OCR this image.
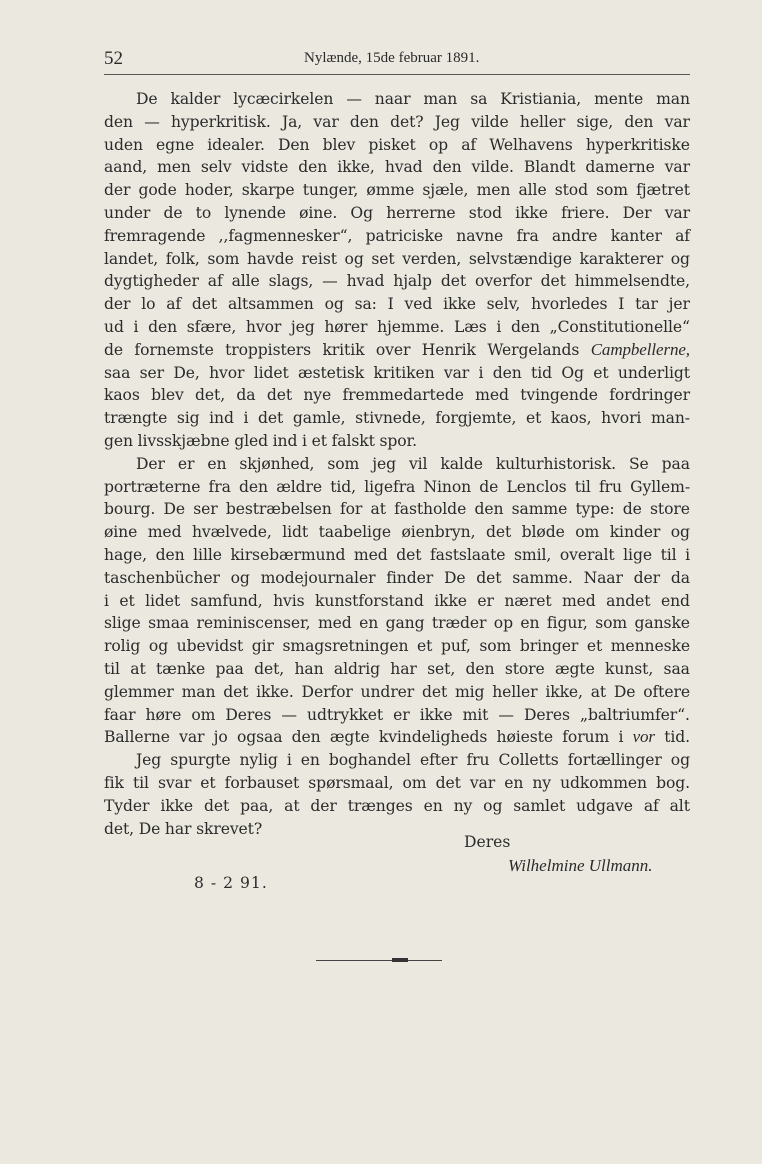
52	Nylænde, 15de februar 1891.
De kalder lycæcirkelen — naar man sa Kristiania, mente man
den — hyperkritisk. Ja, var den det? Jeg vilde heller sige, den var
uden egne idealer. Den blev pisket op af Welhavens hyperkritiske
aand, men selv vidste den ikke, hvad den vilde. Blandt damerne var
der gode hoder, skarpe tunger, ømme sjæle, men alle stod som fjætret
under de to lynende øine. Og herrerne stod ikke friere. Der var
fremragende ,,fagmennesker“, patriciske navne fra andre kanter af
landet, folk, som havde reist og set verden, selvstændige karakterer og
dygtigheder af alle slags, — hvad hjalp det overfor det himmelsendte,
der lo af det altsammen og sa: I ved ikke selv, hvorledes I tar jer
ud i den sfære, hvor jeg hører hjemme. Læs i den „Constitutionelle“
de fornemste troppisters kritik over Henrik Wergelands Campbellerne,
saa ser De, hvor lidet æstetisk kritiken var i den tid Og et underligt
kaos blev det, da det nye fremmedartede med tvingende fordringer
trængte sig ind i det gamle, stivnede, forgjemte, et kaos, hvori man-
gen livsskjæbne gled ind i et falskt spor.
Der er en skjønhed, som jeg vil kalde kulturhistorisk. Se paa
portræterne fra den ældre tid, ligefra Ninon de Lenclos til fru Gyllem-
bourg. De ser bestræbelsen for at fastholde den samme type: de store
øine med hvælvede, lidt taabelige øienbryn, det bløde om kinder og
hage, den lille kirsebærmund med det fastslaate smil, overalt lige til i
taschenbücher og modejournaler finder De det samme. Naar der da
i et lidet samfund, hvis kunstforstand ikke er næret med andet end
slige smaa reminiscenser, med en gang træder op en figur, som ganske
rolig og ubevidst gir smagsretningen et puf, som bringer et menneske
til at tænke paa det, han aldrig har set, den store ægte kunst, saa
glemmer man det ikke. Derfor undrer det mig heller ikke, at De oftere
faar høre om Deres — udtrykket er ikke mit — Deres „baltriumfer“.
Ballerne var jo ogsaa den ægte kvindeligheds høieste forum i vor tid.
Jeg spurgte nylig i en boghandel efter fru Colletts fortællinger og
fik til svar et forbauset spørsmaal, om det var en ny udkommen bog.
Tyder ikke det paa, at der trænges en ny og samlet udgave af alt
det, De har skrevet?
Deres
Wilhelmine Ullmann.
8 - 2 91.
